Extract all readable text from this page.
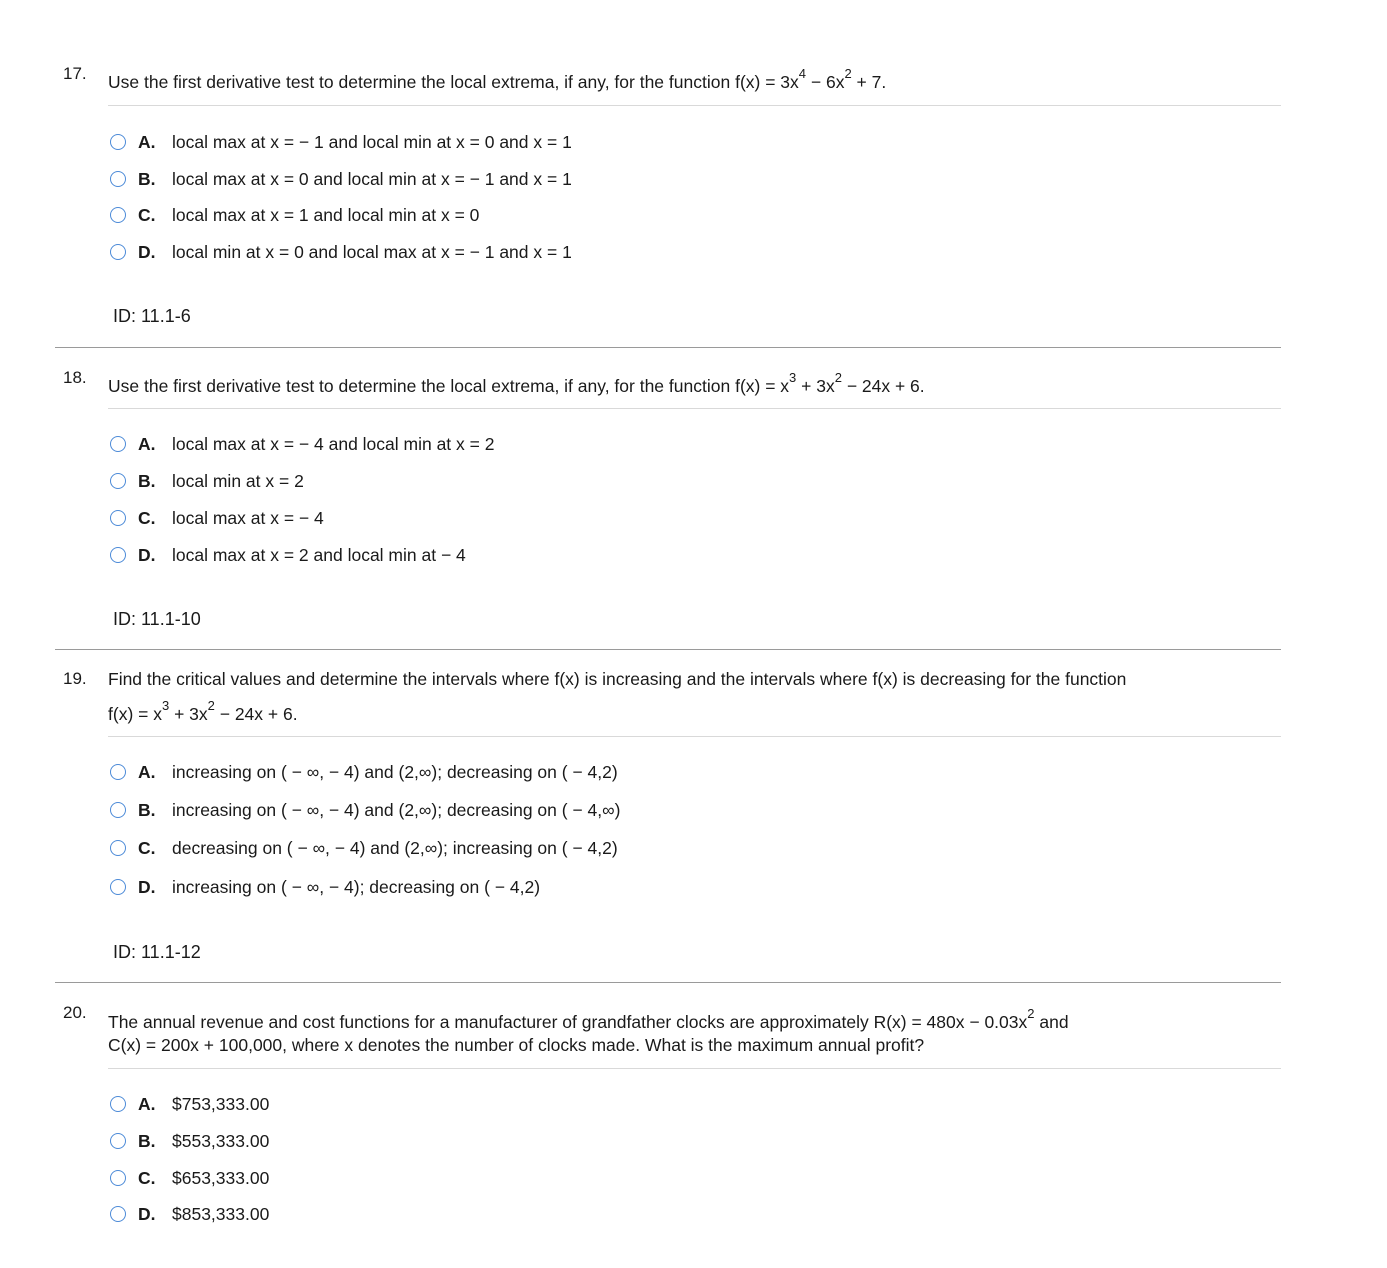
17. Use the first derivative test to determine the local extrema, if any, for the function $f(x) = 3x^4 - 6x^2 + 7$.
A. local max at x = − 1 and local min at x = 0 and x = 1
B. local max at x = 0 and local min at x = − 1 and x = 1
C. local max at x = 1 and local min at x = 0
D. local min at x = 0 and local max at x = − 1 and x = 1
ID: 11.1-6
18. Use the first derivative test to determine the local extrema, if any, for the function $f(x) = x^3 + 3x^2 - 24x + 6$.
A. local max at x = − 4 and local min at x = 2
B. local min at x = 2
C. local max at x = − 4
D. local max at x = 2 and local min at − 4
ID: 11.1-10
19. Find the critical values and determine the intervals where f(x) is increasing and the intervals where f(x) is decreasing for the function
$f(x) = x^3 + 3x^2 - 24x + 6$.
A. increasing on ( − ∞, − 4) and (2,∞); decreasing on ( − 4,2)
B. increasing on ( − ∞, − 4) and (2,∞); decreasing on ( − 4,∞)
C. decreasing on ( − ∞, − 4) and (2,∞); increasing on ( − 4,2)
D. increasing on ( − ∞, − 4); decreasing on ( − 4,2)
ID: 11.1-12
20. The annual revenue and cost functions for a manufacturer of grandfather clocks are approximately $R(x) = 480x - 0.03x^2$ and
C(x) = 200x + 100,000, where x denotes the number of clocks made. What is the maximum annual profit?
A. $753,333.00
B. $553,333.00
C. $653,333.00
D. $853,333.00
